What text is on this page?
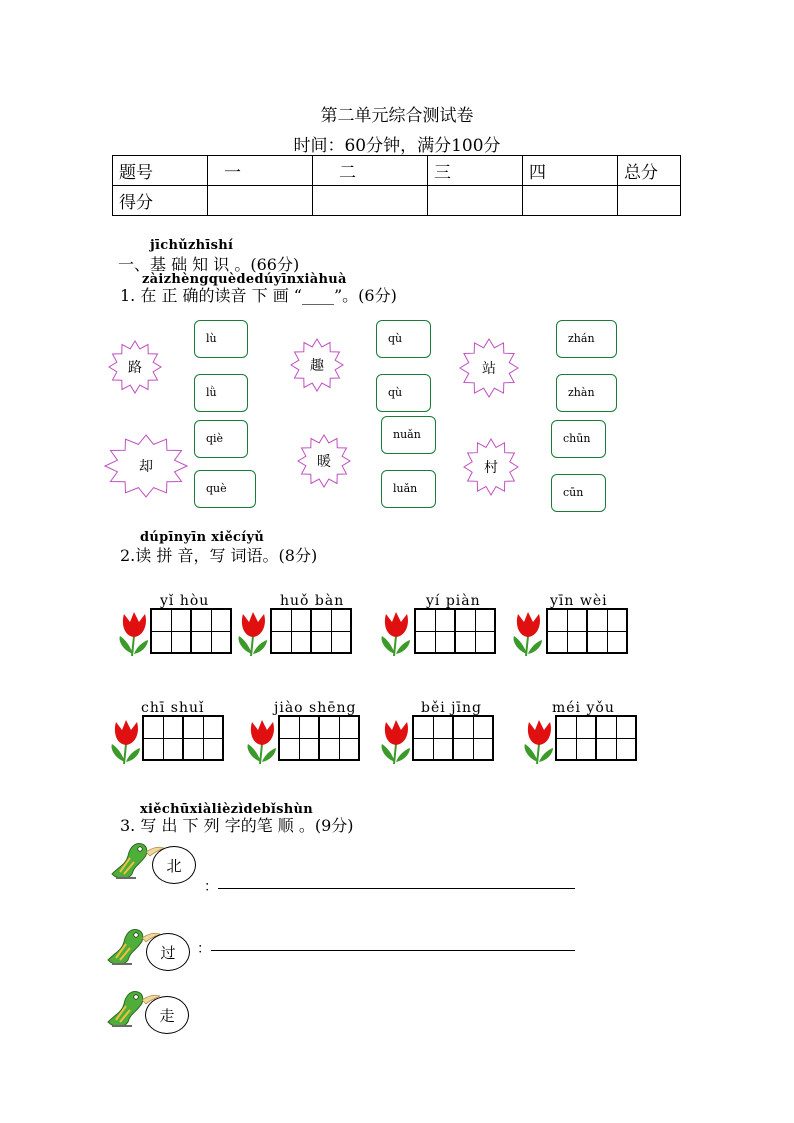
第二单元综合测试卷
时间：60分钟，满分100分
题号	一	二	三	四	总分
得分					
jīchǔzhīshí
一、基 础 知 识 。(66分)
zàizhèngquèdedúyīnxiàhuà
1. 在 正 确的读音 下 画 “____”。(6分)
路	趣	站
却	暖	村
lù
lǜ
qù
qù
zhán
zhàn
qiè
què
nuǎn
luǎn
chūn
cūn
dúpīnyīn xiěcíyǔ
2.读 拼 音，写 词语。(8分)
yǐ hòu	huǒ bàn	yí piàn	yīn wèi
chī shuǐ	jiào shēng	běi jīng	méi yǒu
xiěchūxiàlièzìdebǐshùn
3. 写 出 下 列 字的笔 顺 。(9分)
北
：
过	：
走
